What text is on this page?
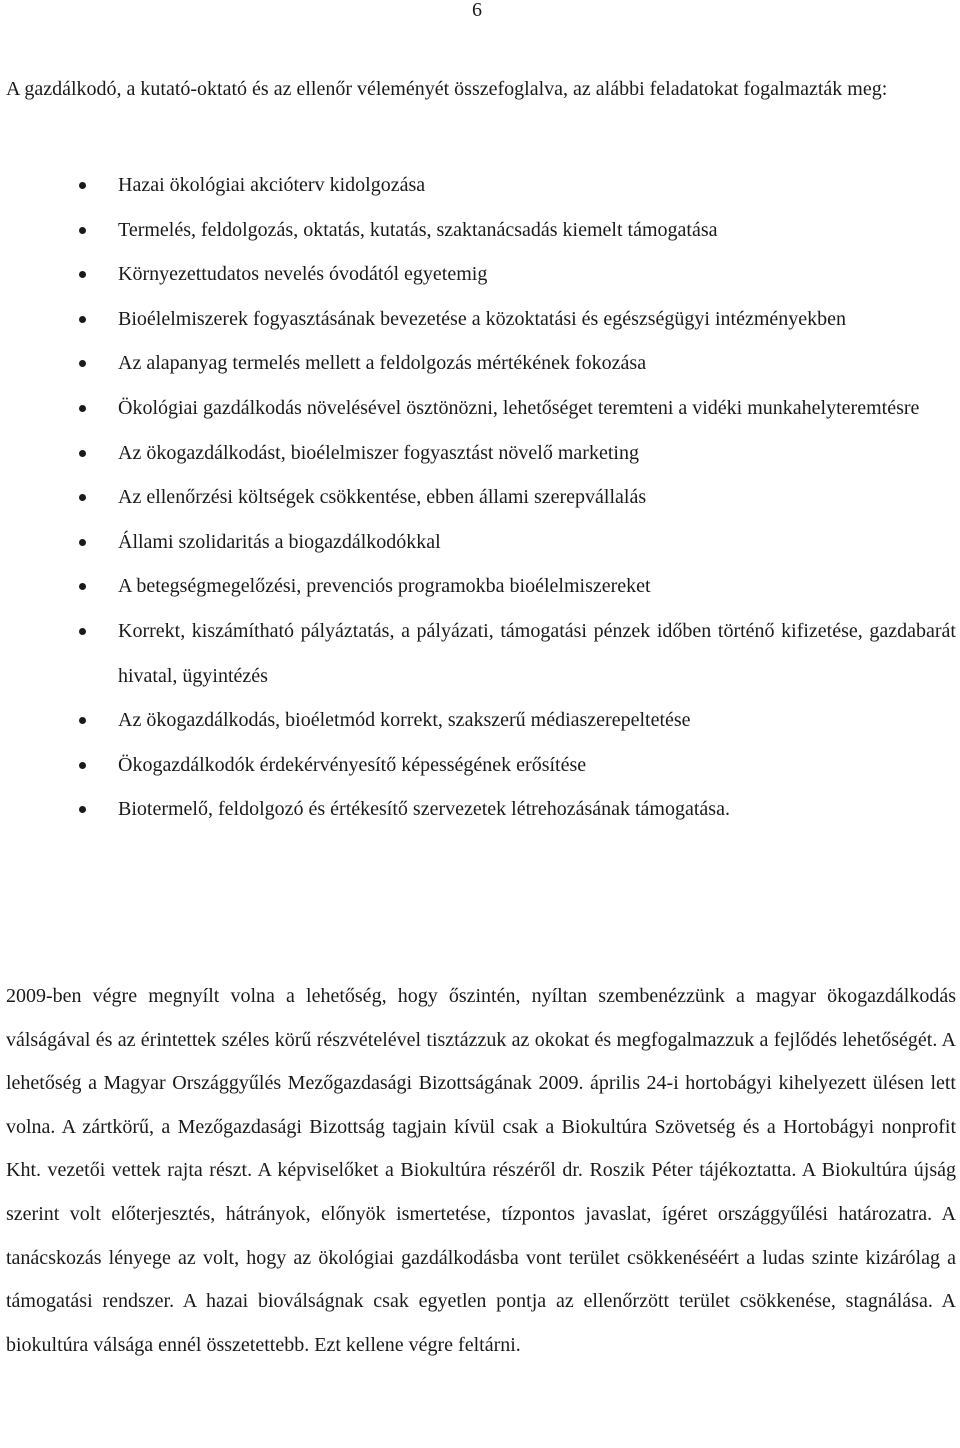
6

A gazdálkodó, a kutató-oktató és az ellenőr véleményét összefoglalva, az alábbi feladatokat fogalmazták meg:

Hazai ökológiai akcióterv kidolgozása
Termelés, feldolgozás, oktatás, kutatás, szaktanácsadás kiemelt támogatása
Környezettudatos nevelés óvodától egyetemig
Bioélelmiszerek fogyasztásának bevezetése a közoktatási és egészségügyi intézményekben
Az alapanyag termelés mellett a feldolgozás mértékének fokozása
Ökológiai gazdálkodás növelésével ösztönözni, lehetőséget teremteni a vidéki munkahelyteremtésre
Az ökogazdálkodást, bioélelmiszer fogyasztást növelő marketing
Az ellenőrzési költségek csökkentése, ebben állami szerepvállalás
Állami szolidaritás a biogazdálkodókkal
A betegségmegelőzési, prevenciós programokba bioélelmiszereket
Korrekt, kiszámítható pályáztatás, a pályázati, támogatási pénzek időben történő kifizetése, gazdabarát hivatal, ügyintézés
Az ökogazdálkodás, bioéletmód korrekt, szakszerű médiaszerepeltetése
Ökogazdálkodók érdekérvényesítő képességének erősítése
Biotermelő, feldolgozó és értékesítő szervezetek létrehozásának támogatása.

2009-ben végre megnyílt volna a lehetőség, hogy őszintén, nyíltan szembenézzünk a magyar ökogazdálkodás válságával és az érintettek széles körű részvételével tisztázzuk az okokat és megfogalmazzuk a fejlődés lehetőségét. A lehetőség a Magyar Országgyűlés Mezőgazdasági Bizottságának 2009. április 24-i hortobágyi kihelyezett ülésen lett volna. A zártkörű, a Mezőgazdasági Bizottság tagjain kívül csak a Biokultúra Szövetség és a Hortobágyi nonprofit Kht. vezetői vettek rajta részt. A képviselőket a Biokultúra részéről dr. Roszik Péter tájékoztatta. A Biokultúra újság szerint volt előterjesztés, hátrányok, előnyök ismertetése, tízpontos javaslat, ígéret országgyűlési határozatra. A tanácskozás lényege az volt, hogy az ökológiai gazdálkodásba vont terület csökkenéséért a ludas szinte kizárólag a támogatási rendszer. A hazai bioválságnak csak egyetlen pontja az ellenőrzött terület csökkenése, stagnálása. A biokultúra válsága ennél összetettebb. Ezt kellene végre feltárni.
